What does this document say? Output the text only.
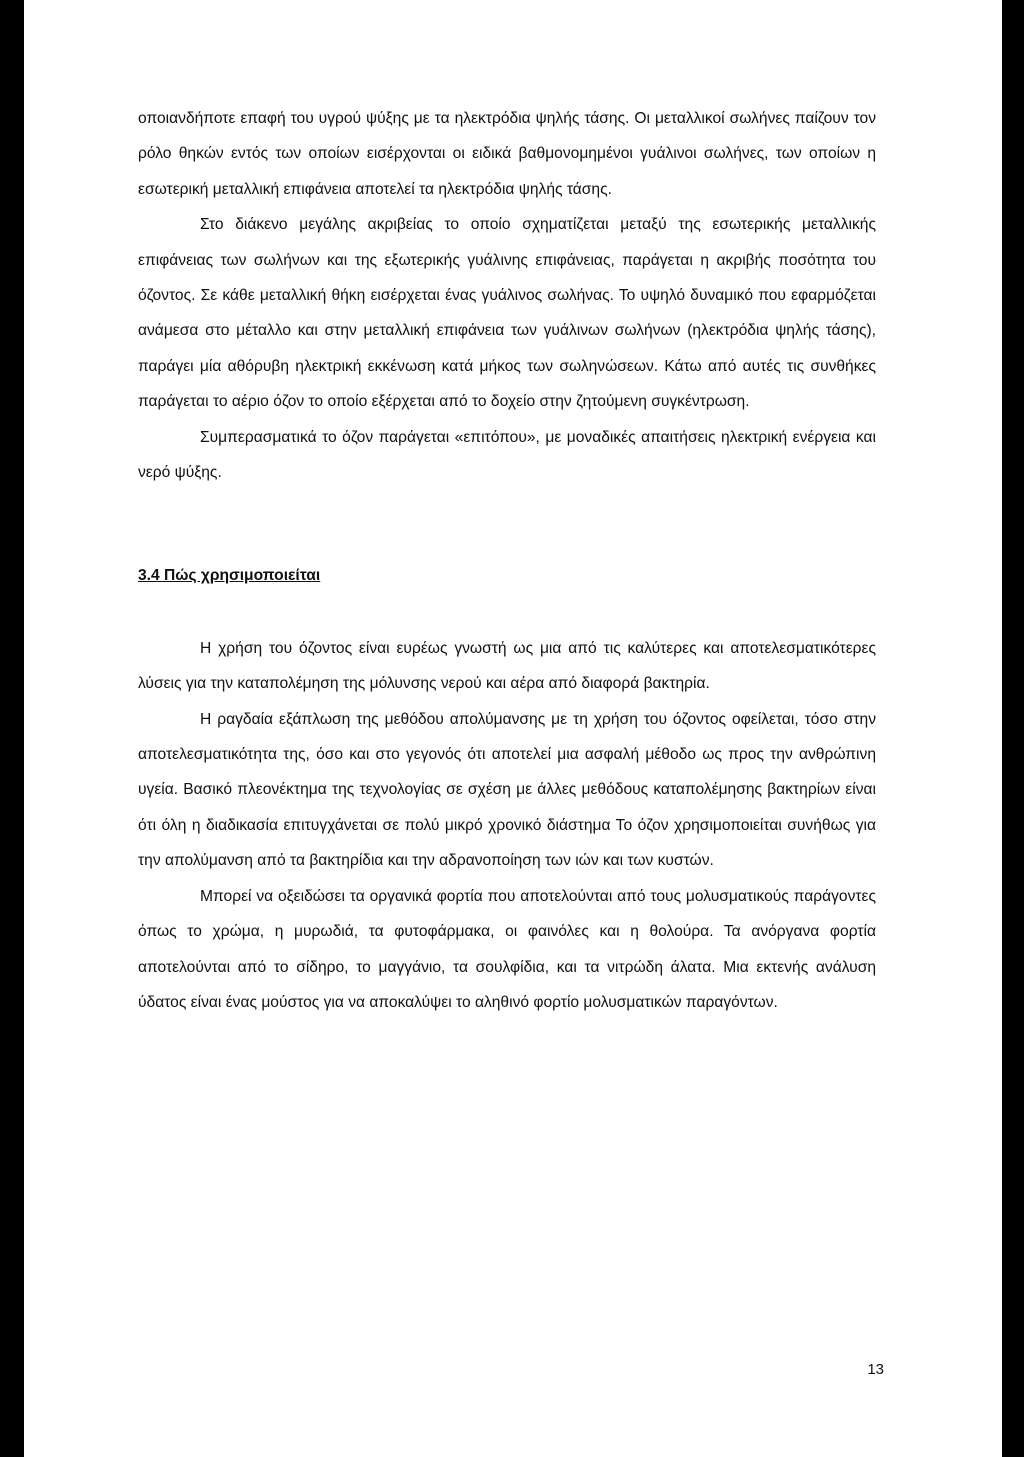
οποιανδήποτε επαφή του υγρού ψύξης με τα ηλεκτρόδια ψηλής τάσης. Οι μεταλλικοί σωλήνες παίζουν τον ρόλο θηκών εντός των οποίων εισέρχονται οι ειδικά βαθμονομημένοι γυάλινοι σωλήνες, των οποίων η εσωτερική μεταλλική επιφάνεια αποτελεί τα ηλεκτρόδια ψηλής τάσης.

Στο διάκενο μεγάλης ακριβείας το οποίο σχηματίζεται μεταξύ της εσωτερικής μεταλλικής επιφάνειας των σωλήνων και της εξωτερικής γυάλινης επιφάνειας, παράγεται η ακριβής ποσότητα του όζοντος. Σε κάθε μεταλλική θήκη εισέρχεται ένας γυάλινος σωλήνας. Το υψηλό δυναμικό που εφαρμόζεται ανάμεσα στο μέταλλο και στην μεταλλική επιφάνεια των γυάλινων σωλήνων (ηλεκτρόδια ψηλής τάσης), παράγει μία αθόρυβη ηλεκτρική εκκένωση κατά μήκος των σωληνώσεων. Κάτω από αυτές τις συνθήκες παράγεται το αέριο όζον το οποίο εξέρχεται από το δοχείο στην ζητούμενη συγκέντρωση.

Συμπερασματικά το όζον παράγεται «επιτόπου», με μοναδικές απαιτήσεις ηλεκτρική ενέργεια και νερό ψύξης.

3.4 Πώς χρησιμοποιείται

Η χρήση του όζοντος είναι ευρέως γνωστή ως μια από τις καλύτερες και αποτελεσματικότερες λύσεις για την καταπολέμηση της μόλυνσης νερού και αέρα από διαφορά βακτηρία.

Η ραγδαία εξάπλωση της μεθόδου απολύμανσης με τη χρήση του όζοντος οφείλεται, τόσο στην αποτελεσματικότητα της, όσο και στο γεγονός ότι αποτελεί μια ασφαλή μέθοδο ως προς την ανθρώπινη υγεία. Βασικό πλεονέκτημα της τεχνολογίας σε σχέση με άλλες μεθόδους καταπολέμησης βακτηρίων είναι ότι όλη η διαδικασία επιτυγχάνεται σε πολύ μικρό χρονικό διάστημα Το όζον χρησιμοποιείται συνήθως για την απολύμανση από τα βακτηρίδια και την αδρανοποίηση των ιών και των κυστών.

Μπορεί να οξειδώσει τα οργανικά φορτία που αποτελούνται από τους μολυσματικούς παράγοντες όπως το χρώμα, η μυρωδιά, τα φυτοφάρμακα, οι φαινόλες και η θολούρα. Τα ανόργανα φορτία αποτελούνται από το σίδηρο, το μαγγάνιο, τα σουλφίδια, και τα νιτρώδη άλατα. Μια εκτενής ανάλυση ύδατος είναι ένας μούστος για να αποκαλύψει το αληθινό φορτίο μολυσματικών παραγόντων.

13
